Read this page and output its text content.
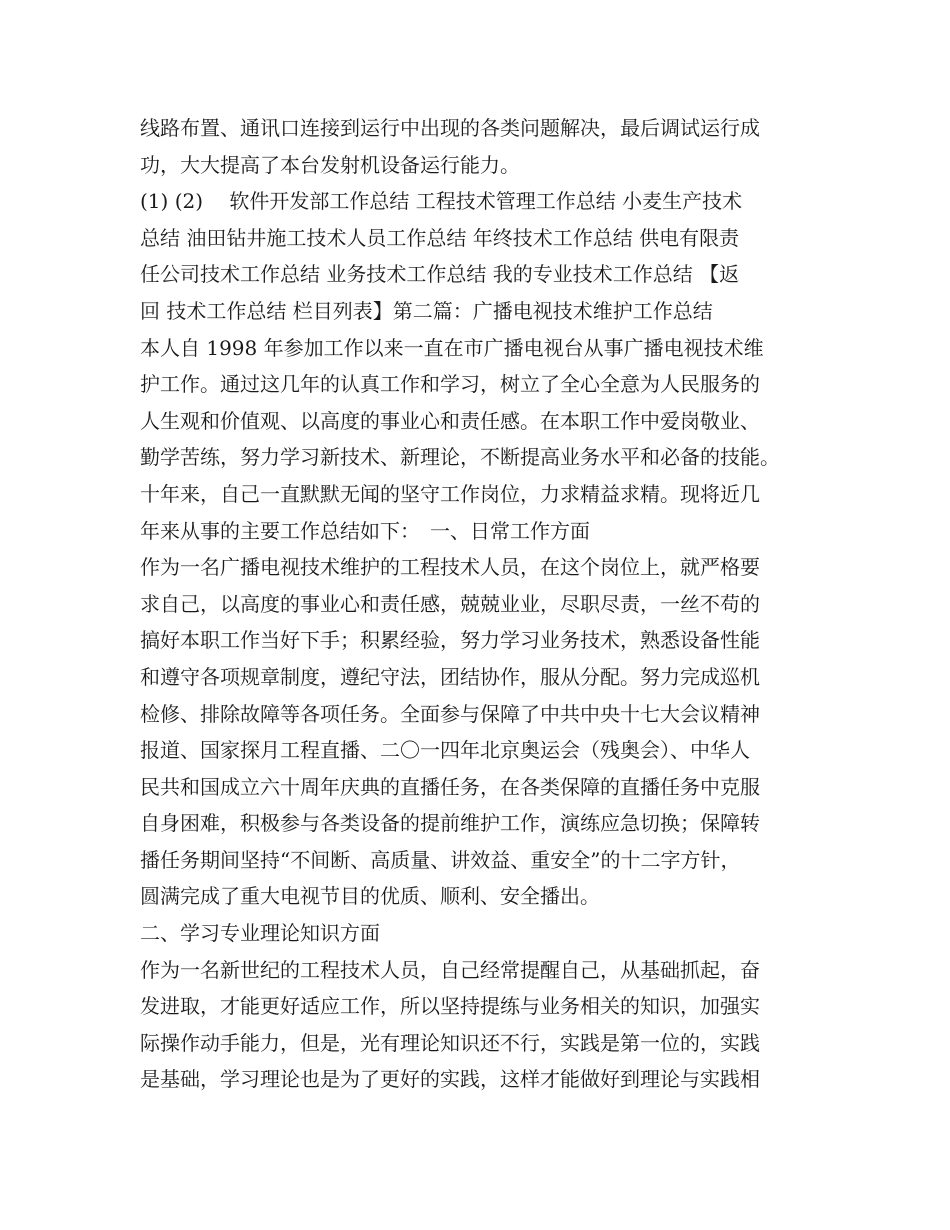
线路布置、通讯口连接到运行中出现的各类问题解决，最后调试运行成
功，大大提高了本台发射机设备运行能力。
(1) (2)　 软件开发部工作总结 工程技术管理工作总结 小麦生产技术
总结 油田钻井施工技术人员工作总结 年终技术工作总结 供电有限责
任公司技术工作总结 业务技术工作总结 我的专业技术工作总结 【返
回 技术工作总结 栏目列表】第二篇：广播电视技术维护工作总结
本人自 1998 年参加工作以来一直在市广播电视台从事广播电视技术维
护工作。通过这几年的认真工作和学习，树立了全心全意为人民服务的
人生观和价值观、以高度的事业心和责任感。在本职工作中爱岗敬业、
勤学苦练，努力学习新技术、新理论，不断提高业务水平和必备的技能。
十年来，自己一直默默无闻的坚守工作岗位，力求精益求精。现将近几
年来从事的主要工作总结如下：　一、日常工作方面
作为一名广播电视技术维护的工程技术人员，在这个岗位上，就严格要
求自己，以高度的事业心和责任感，兢兢业业，尽职尽责，一丝不苟的
搞好本职工作当好下手；积累经验，努力学习业务技术，熟悉设备性能
和遵守各项规章制度，遵纪守法，团结协作，服从分配。努力完成巡机
检修、排除故障等各项任务。全面参与保障了中共中央十七大会议精神
报道、国家探月工程直播、二〇一四年北京奥运会（残奥会）、中华人
民共和国成立六十周年庆典的直播任务，在各类保障的直播任务中克服
自身困难，积极参与各类设备的提前维护工作，演练应急切换；保障转
播任务期间坚持“不间断、高质量、讲效益、重安全”的十二字方针，
圆满完成了重大电视节目的优质、顺利、安全播出。
二、学习专业理论知识方面
作为一名新世纪的工程技术人员，自己经常提醒自己，从基础抓起，奋
发进取，才能更好适应工作，所以坚持提练与业务相关的知识，加强实
际操作动手能力，但是，光有理论知识还不行，实践是第一位的，实践
是基础，学习理论也是为了更好的实践，这样才能做好到理论与实践相
